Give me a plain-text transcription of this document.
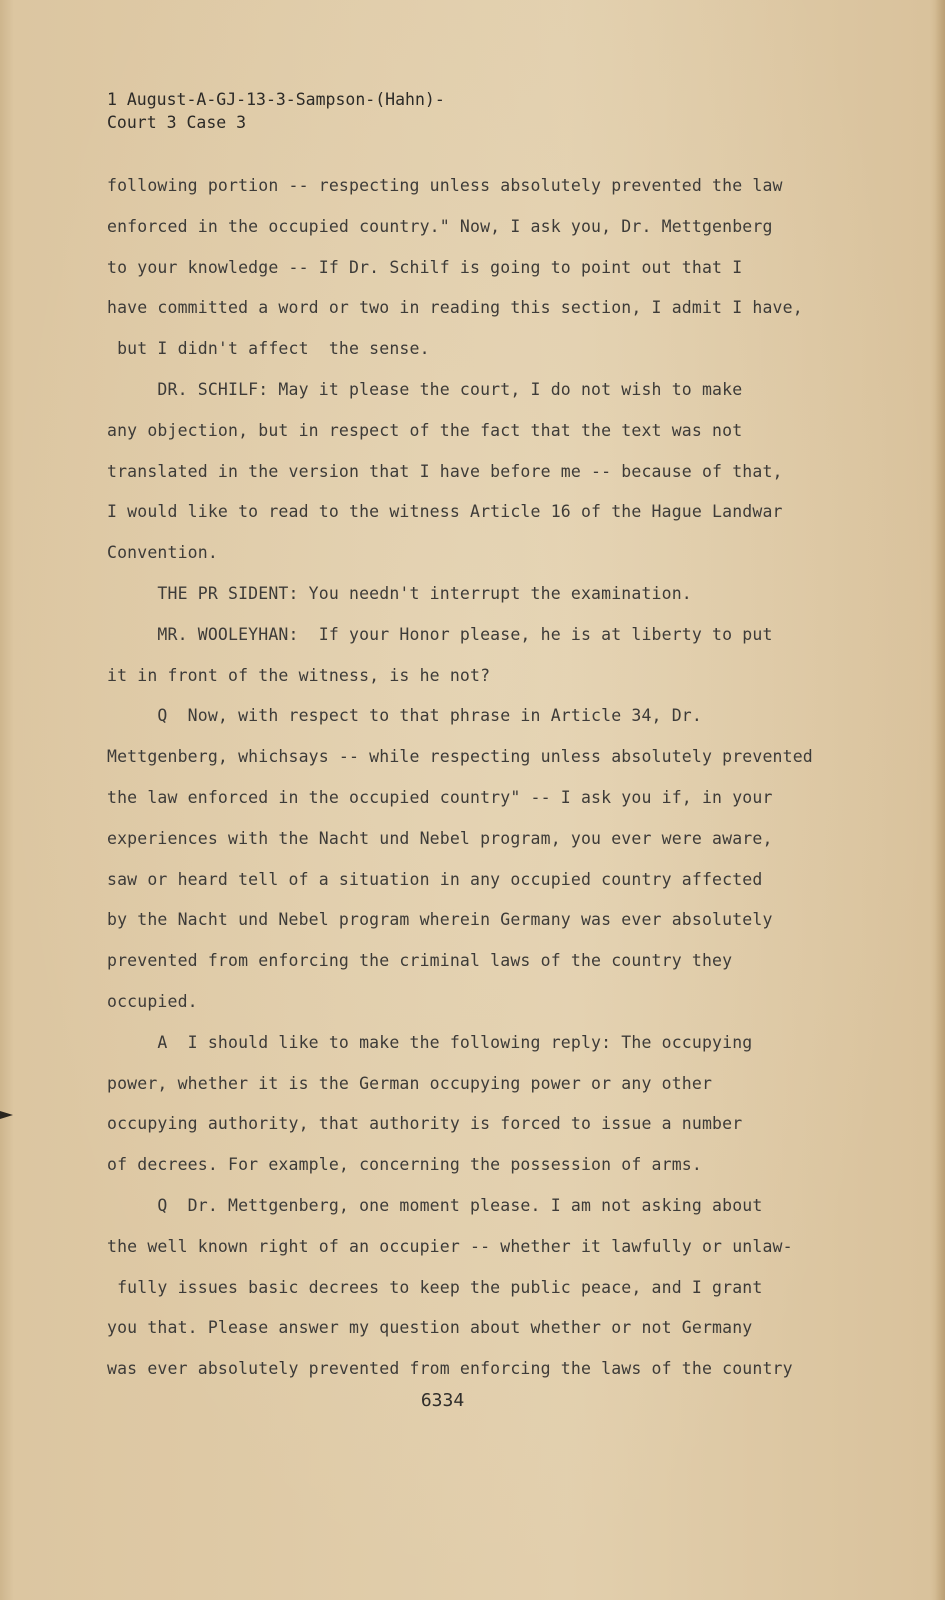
1 August-A-GJ-13-3-Sampson-(Hahn)-
Court 3 Case 3
following portion -- respecting unless absolutely prevented the law
enforced in the occupied country." Now, I ask you, Dr. Mettgenberg
to your knowledge -- If Dr. Schilf is going to point out that I
have committed a word or two in reading this section, I admit I have,
but I didn't affect  the sense.
DR. SCHILF: May it please the court, I do not wish to make
any objection, but in respect of the fact that the text was not
translated in the version that I have before me -- because of that,
I would like to read to the witness Article 16 of the Hague Landwar
Convention.
THE PR SIDENT: You needn't interrupt the examination.
MR. WOOLEYHAN:  If your Honor please, he is at liberty to put
it in front of the witness, is he not?
Q  Now, with respect to that phrase in Article 34, Dr.
Mettgenberg, whichsays -- while respecting unless absolutely prevented
the law enforced in the occupied country" -- I ask you if, in your
experiences with the Nacht und Nebel program, you ever were aware,
saw or heard tell of a situation in any occupied country affected
by the Nacht und Nebel program wherein Germany was ever absolutely
prevented from enforcing the criminal laws of the country they
occupied.
A  I should like to make the following reply: The occupying
power, whether it is the German occupying power or any other
occupying authority, that authority is forced to issue a number
of decrees. For example, concerning the possession of arms.
Q  Dr. Mettgenberg, one moment please. I am not asking about
the well known right of an occupier -- whether it lawfully or unlaw-
fully issues basic decrees to keep the public peace, and I grant
you that. Please answer my question about whether or not Germany
was ever absolutely prevented from enforcing the laws of the country
6334
